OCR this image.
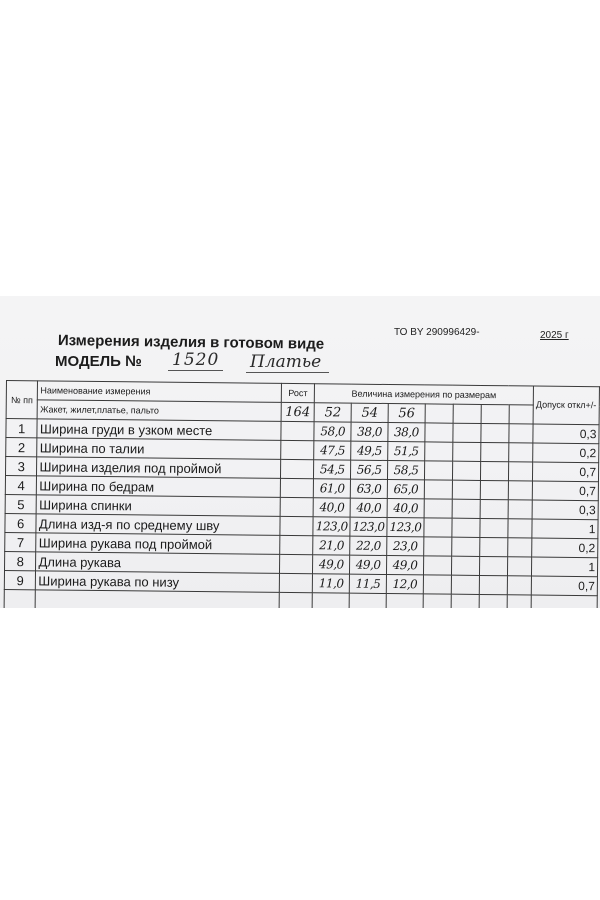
Измерения изделия в готовом виде	ТО BY 290996429-	2025 г
МОДЕЛЬ № 1520 Платье
№ пп	Наименование измерения	Рост	Величина измерения по размерам							Допуск откл+/-
	Жакет, жилет,платье, пальто	164	52	54	56					
1	Ширина груди в узком месте		58,0	38,0	38,0					0,3
2	Ширина по талии		47,5	49,5	51,5					0,2
3	Ширина изделия под проймой		54,5	56,5	58,5					0,7
4	Ширина по бедрам		61,0	63,0	65,0					0,7
5	Ширина спинки		40,0	40,0	40,0					0,3
6	Длина изд-я по среднему шву		123,0	123,0	123,0					1
7	Ширина рукава под проймой		21,0	22,0	23,0					0,2
8	Длина рукава		49,0	49,0	49,0					1
9	Ширина рукава по низу		11,0	11,5	12,0					0,7
